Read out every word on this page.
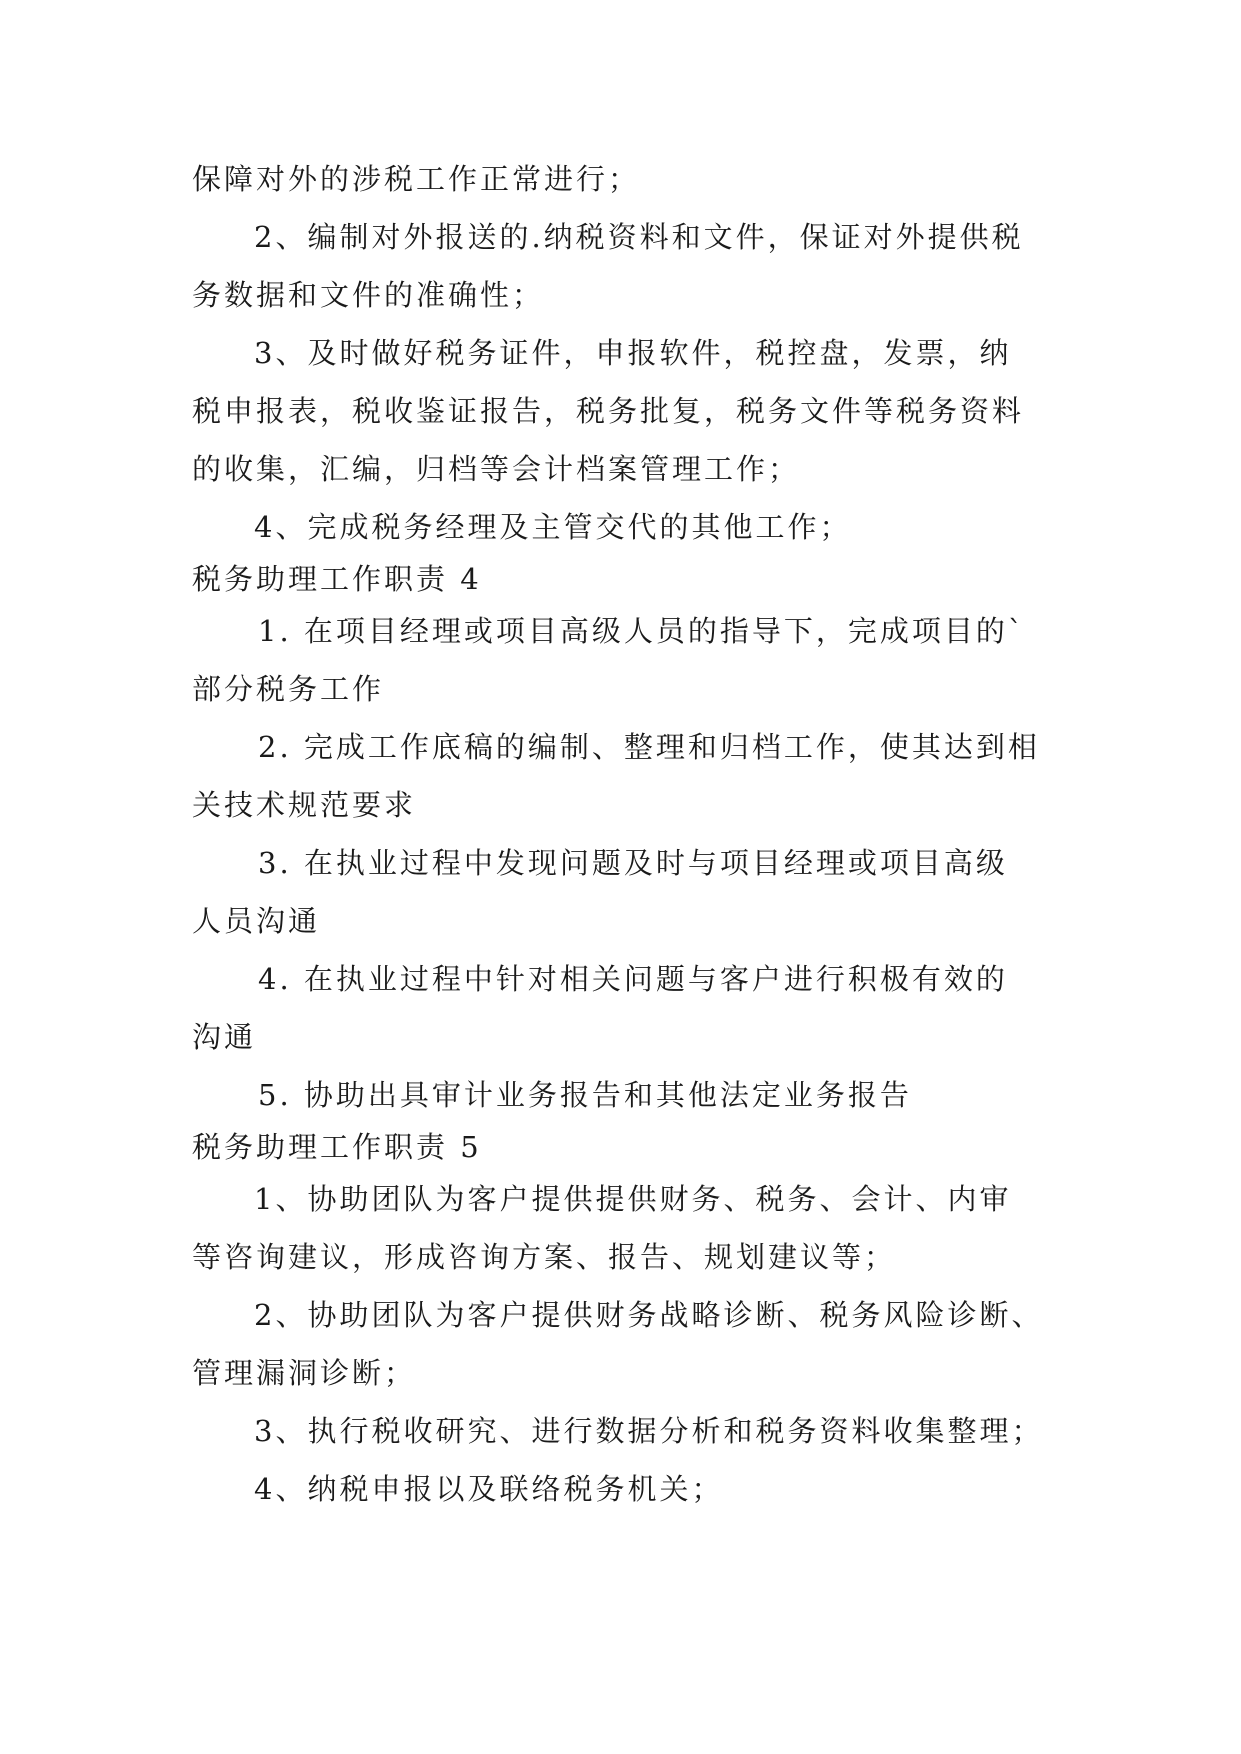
保障对外的涉税工作正常进行；
2、编制对外报送的.纳税资料和文件，保证对外提供税
务数据和文件的准确性；
3、及时做好税务证件，申报软件，税控盘，发票，纳
税申报表，税收鉴证报告，税务批复，税务文件等税务资料
的收集，汇编，归档等会计档案管理工作；
4、完成税务经理及主管交代的其他工作；
税务助理工作职责 4
1. 在项目经理或项目高级人员的指导下，完成项目的`
部分税务工作
2. 完成工作底稿的编制、整理和归档工作，使其达到相
关技术规范要求
3. 在执业过程中发现问题及时与项目经理或项目高级
人员沟通
4. 在执业过程中针对相关问题与客户进行积极有效的
沟通
5. 协助出具审计业务报告和其他法定业务报告
税务助理工作职责 5
1、协助团队为客户提供提供财务、税务、会计、内审
等咨询建议，形成咨询方案、报告、规划建议等；
2、协助团队为客户提供财务战略诊断、税务风险诊断、
管理漏洞诊断；
3、执行税收研究、进行数据分析和税务资料收集整理；
4、纳税申报以及联络税务机关；
